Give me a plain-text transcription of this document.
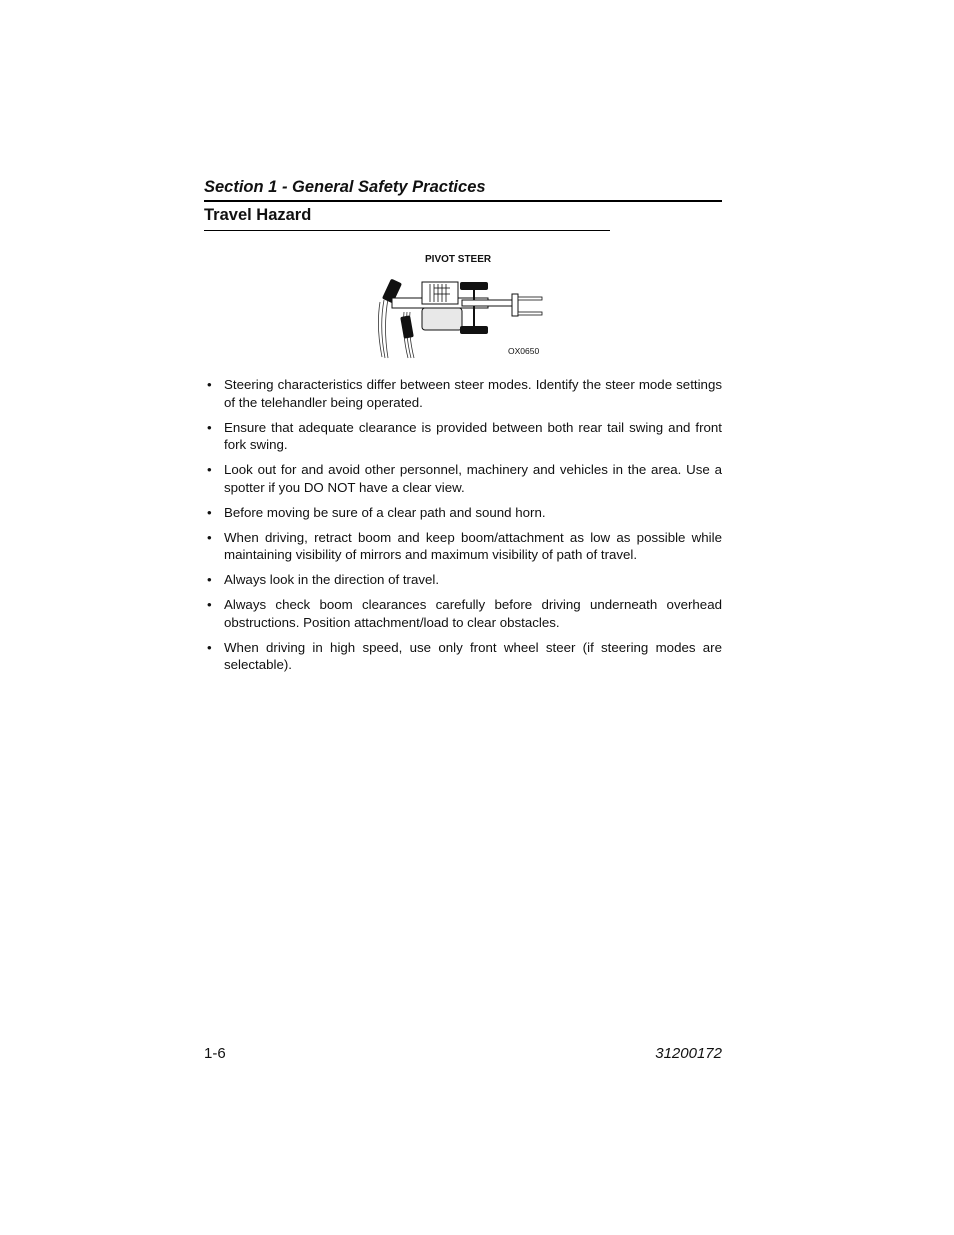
Section 1 - General Safety Practices
Travel Hazard
PIVOT STEER
OX0650
• Steering characteristics differ between steer modes. Identify the steer mode settings of the telehandler being operated.
• Ensure that adequate clearance is provided between both rear tail swing and front fork swing.
• Look out for and avoid other personnel, machinery and vehicles in the area. Use a spotter if you DO NOT have a clear view.
• Before moving be sure of a clear path and sound horn.
• When driving, retract boom and keep boom/attachment as low as possible while maintaining visibility of mirrors and maximum visibility of path of travel.
• Always look in the direction of travel.
• Always check boom clearances carefully before driving underneath overhead obstructions. Position attachment/load to clear obstacles.
• When driving in high speed, use only front wheel steer (if steering modes are selectable).
1-6	31200172
